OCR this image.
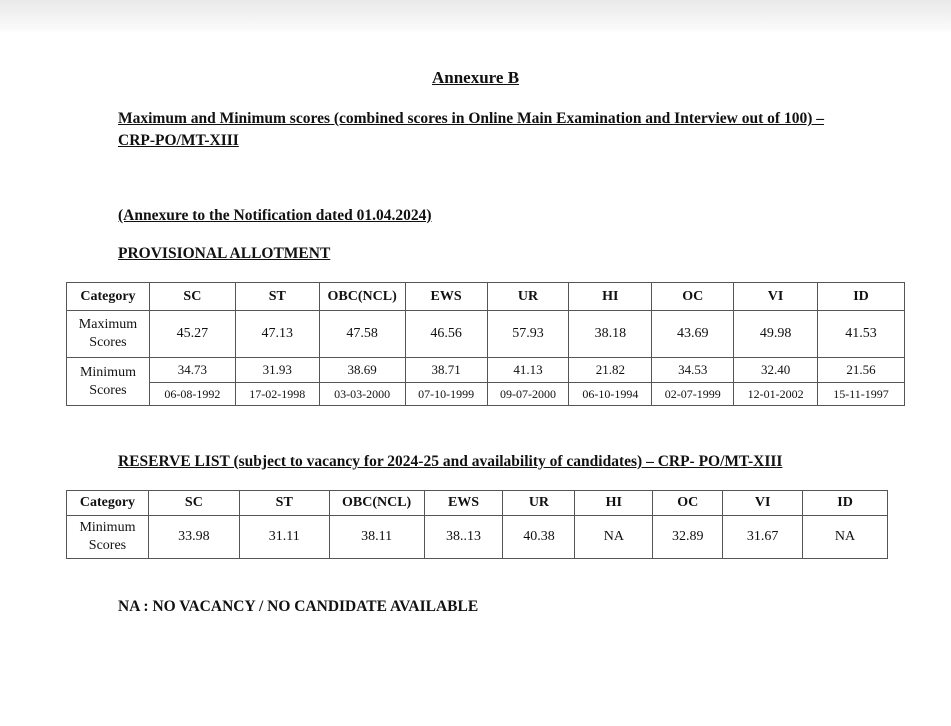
Annexure B
Maximum and Minimum scores (combined scores in Online Main Examination and Interview out of 100) – CRP-PO/MT-XIII
(Annexure to the Notification dated 01.04.2024)
PROVISIONAL ALLOTMENT
Category	SC	ST	OBC(NCL)	EWS	UR	HI	OC	VI	ID
Maximum Scores	45.27	47.13	47.58	46.56	57.93	38.18	43.69	49.98	41.53
Minimum Scores	34.73	31.93	38.69	38.71	41.13	21.82	34.53	32.40	21.56
	06-08-1992	17-02-1998	03-03-2000	07-10-1999	09-07-2000	06-10-1994	02-07-1999	12-01-2002	15-11-1997
RESERVE LIST (subject to vacancy for 2024-25 and availability of candidates) – CRP- PO/MT-XIII
Category	SC	ST	OBC(NCL)	EWS	UR	HI	OC	VI	ID
Minimum Scores	33.98	31.11	38.11	38..13	40.38	NA	32.89	31.67	NA
NA : NO VACANCY / NO CANDIDATE AVAILABLE
